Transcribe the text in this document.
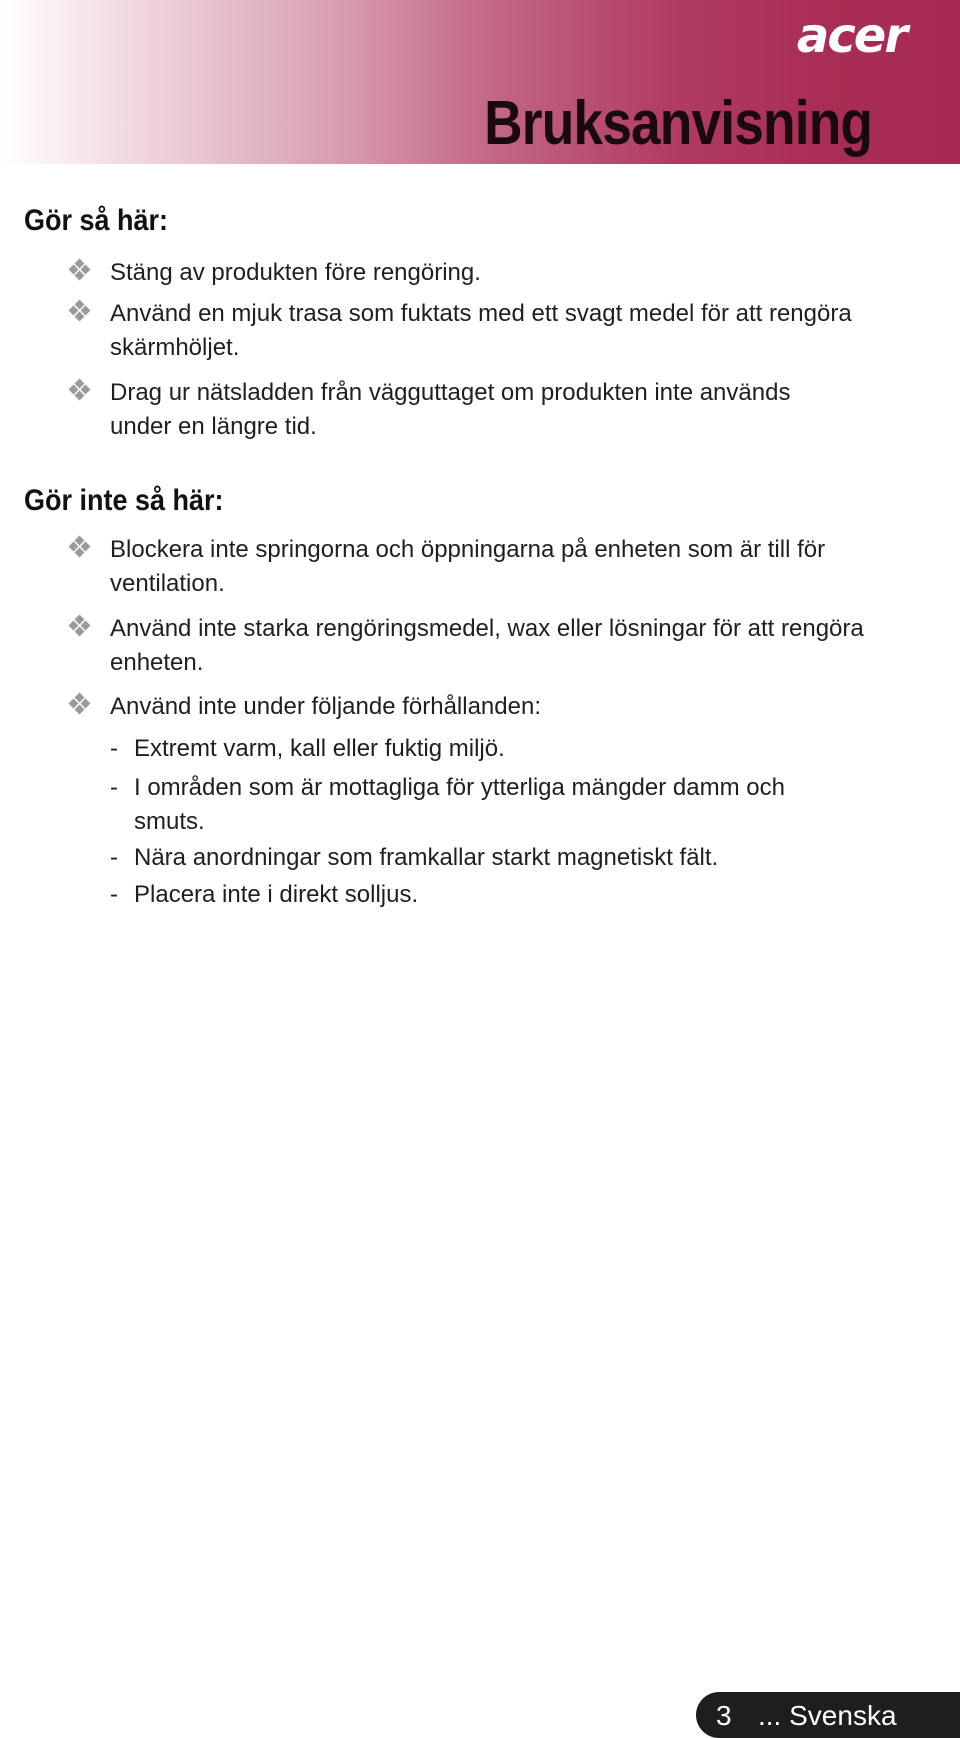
acer
Bruksanvisning
Gör så här:
Stäng av produkten före rengöring.
Använd en mjuk trasa som fuktats med ett svagt medel för att rengöra skärmhöljet.
Drag ur nätsladden från vägguttaget om produkten inte används under en längre tid.
Gör inte så här:
Blockera inte springorna och öppningarna på enheten som är till för ventilation.
Använd inte starka rengöringsmedel, wax eller lösningar för att rengöra enheten.
Använd inte under följande förhållanden:
- Extremt varm, kall eller fuktig miljö.
- I områden som är mottagliga för ytterliga mängder damm och smuts.
- Nära anordningar som framkallar starkt magnetiskt fält.
- Placera inte i direkt solljus.
3 ... Svenska
